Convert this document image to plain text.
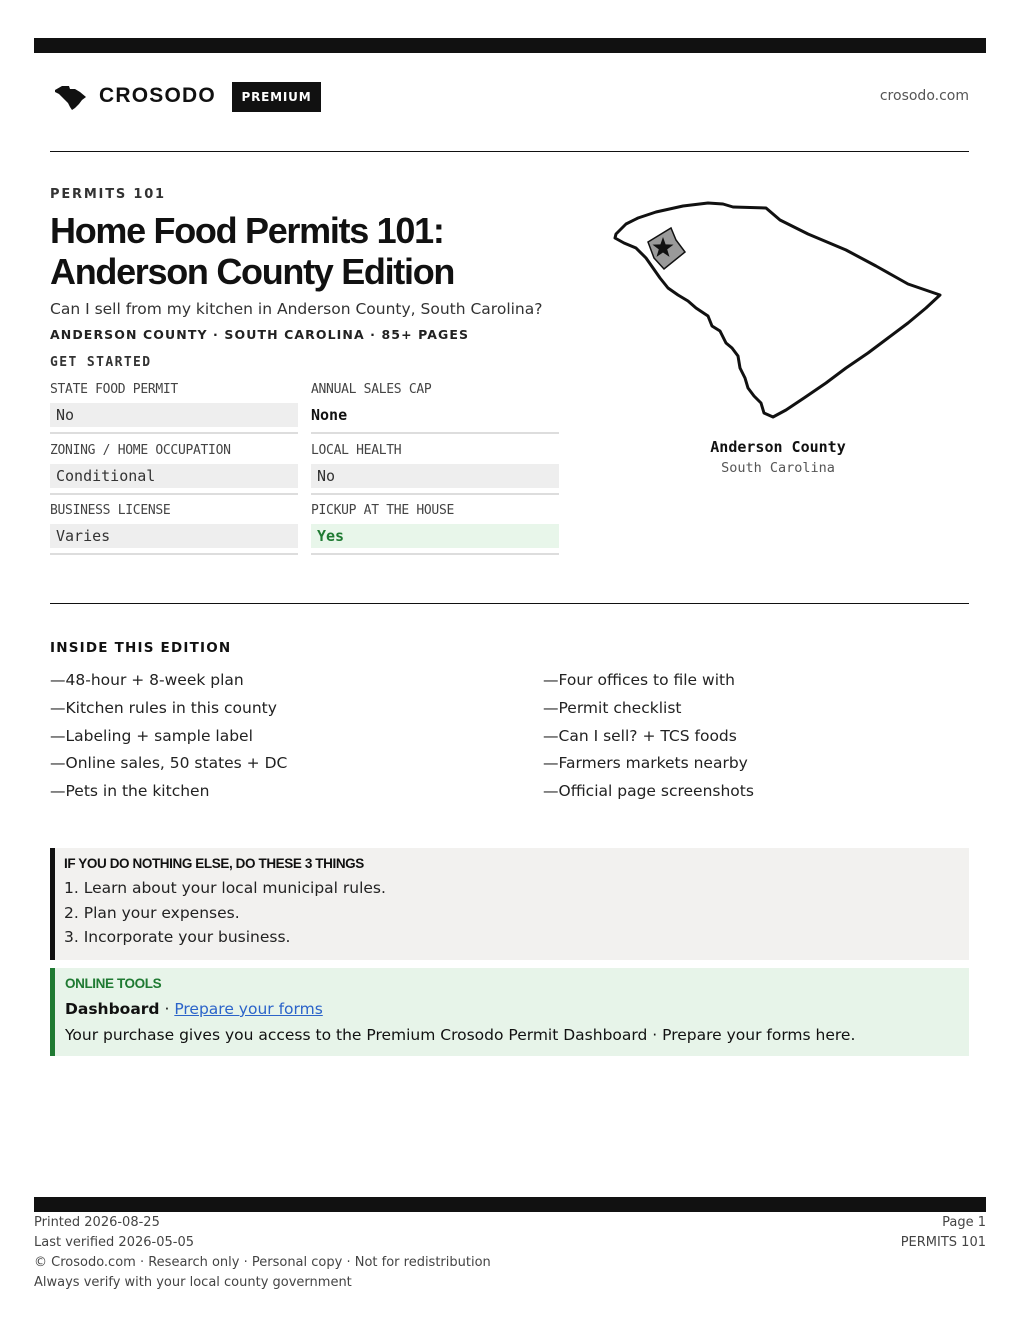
CROSODO	PREMIUM	crosodo.com
PERMITS 101
Home Food Permits 101:
Anderson County Edition
Can I sell from my kitchen in Anderson County, South Carolina?
ANDERSON COUNTY · SOUTH CAROLINA · 85+ PAGES
GET STARTED
STATE FOOD PERMIT
No
ANNUAL SALES CAP
None
ZONING / HOME OCCUPATION
Conditional
LOCAL HEALTH
No
BUSINESS LICENSE
Varies
PICKUP AT THE HOUSE
Yes
Anderson County
South Carolina
INSIDE THIS EDITION
—48-hour + 8-week plan
—Kitchen rules in this county
—Labeling + sample label
—Online sales, 50 states + DC
—Pets in the kitchen
—Four offices to file with
—Permit checklist
—Can I sell? + TCS foods
—Farmers markets nearby
—Official page screenshots
IF YOU DO NOTHING ELSE, DO THESE 3 THINGS
1. Learn about your local municipal rules.
2. Plan your expenses.
3. Incorporate your business.
ONLINE TOOLS
Dashboard · Prepare your forms
Your purchase gives you access to the Premium Crosodo Permit Dashboard · Prepare your forms here.
Printed 2026-08-25
Last verified 2026-05-05
© Crosodo.com · Research only · Personal copy · Not for redistribution
Always verify with your local county government
Page 1
PERMITS 101
